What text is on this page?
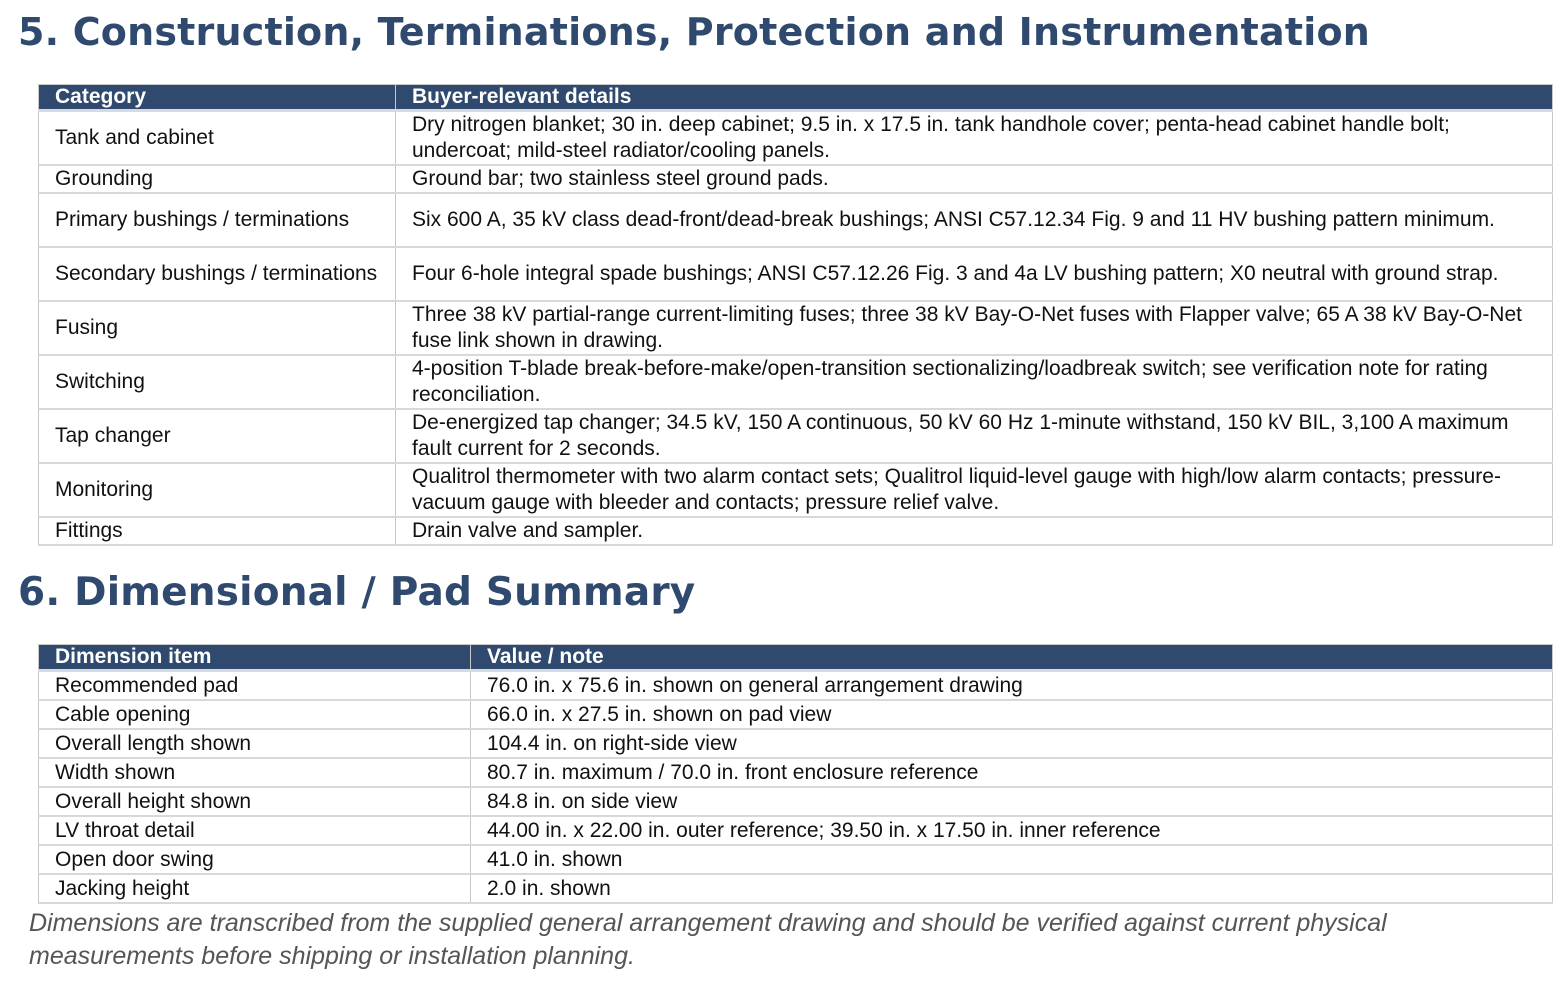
5. Construction, Terminations, Protection and Instrumentation
Category	Buyer-relevant details
Tank and cabinet	Dry nitrogen blanket; 30 in. deep cabinet; 9.5 in. x 17.5 in. tank handhole cover; penta-head cabinet handle bolt; undercoat; mild-steel radiator/cooling panels.
Grounding	Ground bar; two stainless steel ground pads.
Primary bushings / terminations	Six 600 A, 35 kV class dead-front/dead-break bushings; ANSI C57.12.34 Fig. 9 and 11 HV bushing pattern minimum.
Secondary bushings / terminations	Four 6-hole integral spade bushings; ANSI C57.12.26 Fig. 3 and 4a LV bushing pattern; X0 neutral with ground strap.
Fusing	Three 38 kV partial-range current-limiting fuses; three 38 kV Bay-O-Net fuses with Flapper valve; 65 A 38 kV Bay-O-Net fuse link shown in drawing.
Switching	4-position T-blade break-before-make/open-transition sectionalizing/loadbreak switch; see verification note for rating reconciliation.
Tap changer	De-energized tap changer; 34.5 kV, 150 A continuous, 50 kV 60 Hz 1-minute withstand, 150 kV BIL, 3,100 A maximum fault current for 2 seconds.
Monitoring	Qualitrol thermometer with two alarm contact sets; Qualitrol liquid-level gauge with high/low alarm contacts; pressure-vacuum gauge with bleeder and contacts; pressure relief valve.
Fittings	Drain valve and sampler.
6. Dimensional / Pad Summary
Dimension item	Value / note
Recommended pad	76.0 in. x 75.6 in. shown on general arrangement drawing
Cable opening	66.0 in. x 27.5 in. shown on pad view
Overall length shown	104.4 in. on right-side view
Width shown	80.7 in. maximum / 70.0 in. front enclosure reference
Overall height shown	84.8 in. on side view
LV throat detail	44.00 in. x 22.00 in. outer reference; 39.50 in. x 17.50 in. inner reference
Open door swing	41.0 in. shown
Jacking height	2.0 in. shown

Dimensions are transcribed from the supplied general arrangement drawing and should be verified against current physical measurements before shipping or installation planning.
